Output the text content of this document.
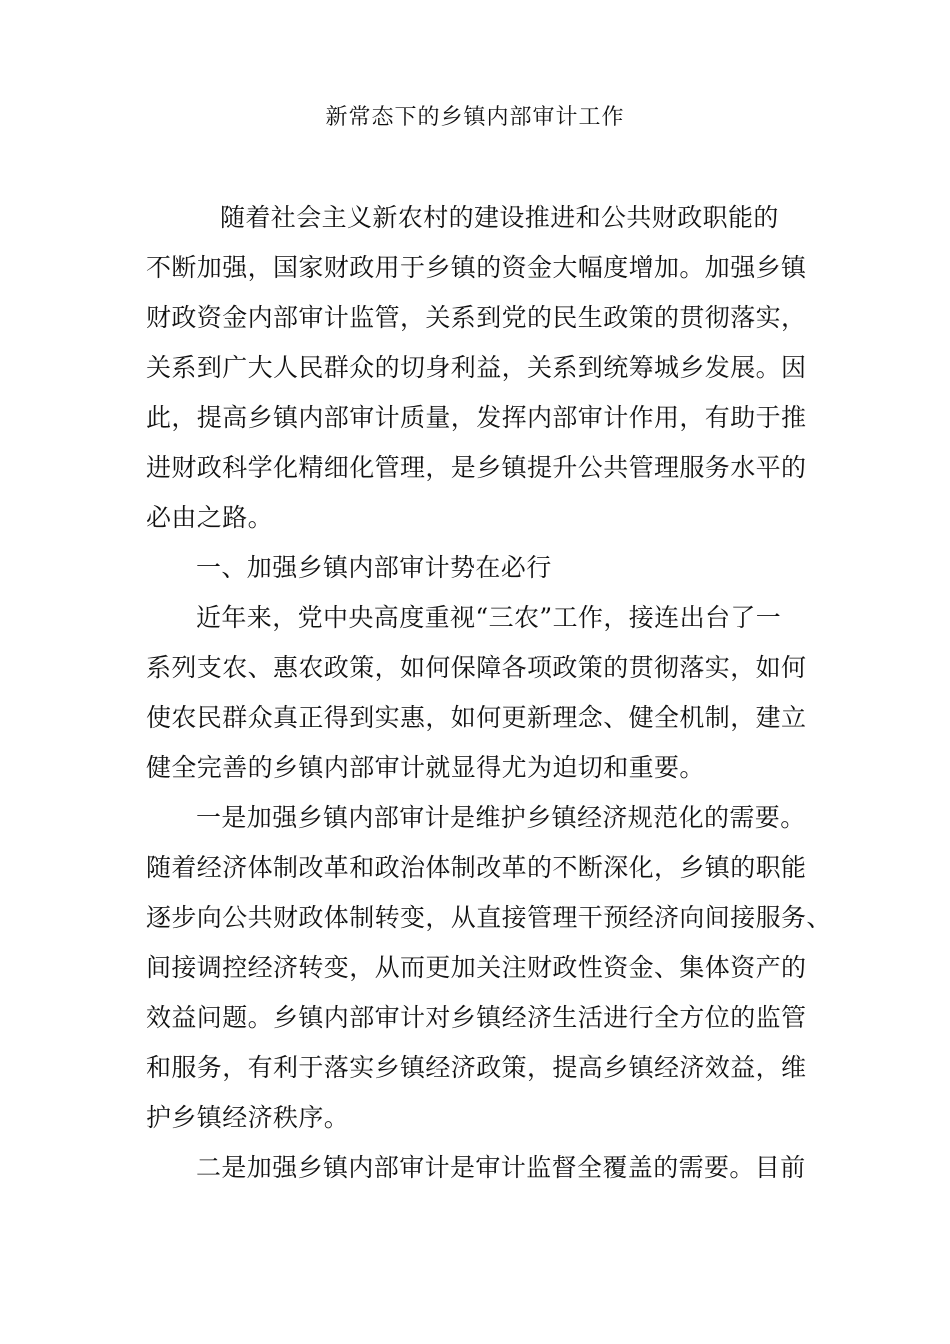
新常态下的乡镇内部审计工作
随着社会主义新农村的建设推进和公共财政职能的
不断加强，国家财政用于乡镇的资金大幅度增加。加强乡镇
财政资金内部审计监管，关系到党的民生政策的贯彻落实，
关系到广大人民群众的切身利益，关系到统筹城乡发展。因
此，提高乡镇内部审计质量，发挥内部审计作用，有助于推
进财政科学化精细化管理，是乡镇提升公共管理服务水平的
必由之路。
一、加强乡镇内部审计势在必行
近年来，党中央高度重视“三农”工作，接连出台了一
系列支农、惠农政策，如何保障各项政策的贯彻落实，如何
使农民群众真正得到实惠，如何更新理念、健全机制，建立
健全完善的乡镇内部审计就显得尤为迫切和重要。
一是加强乡镇内部审计是维护乡镇经济规范化的需要。
随着经济体制改革和政治体制改革的不断深化，乡镇的职能
逐步向公共财政体制转变，从直接管理干预经济向间接服务、
间接调控经济转变，从而更加关注财政性资金、集体资产的
效益问题。乡镇内部审计对乡镇经济生活进行全方位的监管
和服务，有利于落实乡镇经济政策，提高乡镇经济效益，维
护乡镇经济秩序。
二是加强乡镇内部审计是审计监督全覆盖的需要。目前
